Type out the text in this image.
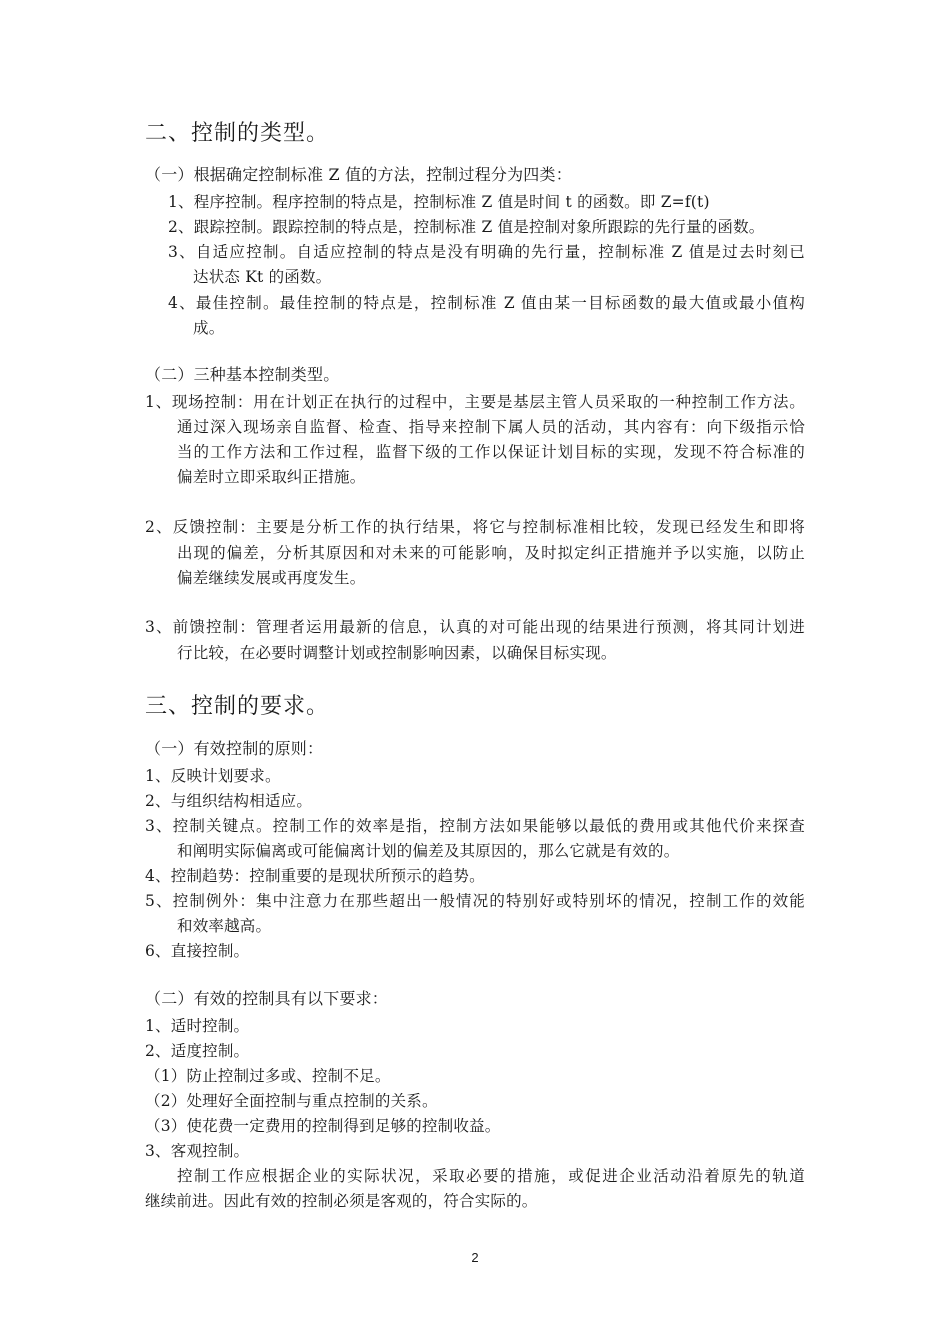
二、控制的类型。
（一）根据确定控制标准 Z 值的方法，控制过程分为四类：
1、程序控制。程序控制的特点是，控制标准 Z 值是时间 t 的函数。即 Z=f(t)
2、跟踪控制。跟踪控制的特点是，控制标准 Z 值是控制对象所跟踪的先行量的函数。
3、自适应控制。自适应控制的特点是没有明确的先行量，控制标准 Z 值是过去时刻已
达状态 Kt 的函数。
4、最佳控制。最佳控制的特点是，控制标准 Z 值由某一目标函数的最大值或最小值构
成。
（二）三种基本控制类型。
1、现场控制：用在计划正在执行的过程中，主要是基层主管人员采取的一种控制工作方法。
通过深入现场亲自监督、检查、指导来控制下属人员的活动，其内容有：向下级指示恰
当的工作方法和工作过程，监督下级的工作以保证计划目标的实现，发现不符合标准的
偏差时立即采取纠正措施。
2、反馈控制：主要是分析工作的执行结果，将它与控制标准相比较，发现已经发生和即将
出现的偏差，分析其原因和对未来的可能影响，及时拟定纠正措施并予以实施，以防止
偏差继续发展或再度发生。
3、前馈控制：管理者运用最新的信息，认真的对可能出现的结果进行预测，将其同计划进
行比较，在必要时调整计划或控制影响因素，以确保目标实现。
三、控制的要求。
（一）有效控制的原则：
1、反映计划要求。
2、与组织结构相适应。
3、控制关键点。控制工作的效率是指，控制方法如果能够以最低的费用或其他代价来探查
和阐明实际偏离或可能偏离计划的偏差及其原因的，那么它就是有效的。
4、控制趋势：控制重要的是现状所预示的趋势。
5、控制例外：集中注意力在那些超出一般情况的特别好或特别坏的情况，控制工作的效能
和效率越高。
6、直接控制。
（二）有效的控制具有以下要求：
1、适时控制。
2、适度控制。
（1）防止控制过多或、控制不足。
（2）处理好全面控制与重点控制的关系。
（3）使花费一定费用的控制得到足够的控制收益。
3、客观控制。
控制工作应根据企业的实际状况，采取必要的措施，或促进企业活动沿着原先的轨道
继续前进。因此有效的控制必须是客观的，符合实际的。
2
